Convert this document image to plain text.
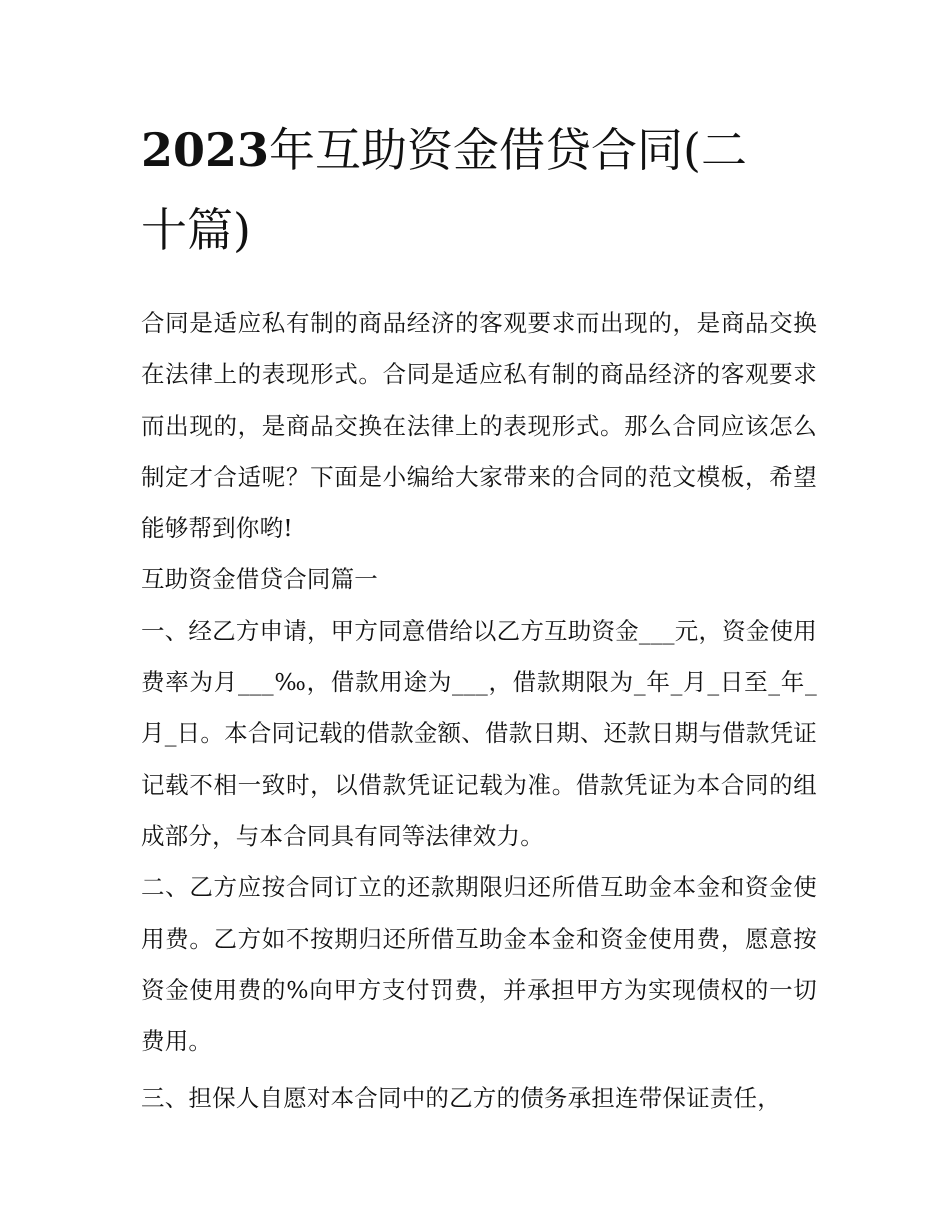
2023年互助资金借贷合同(二十篇)

合同是适应私有制的商品经济的客观要求而出现的，是商品交换在法律上的表现形式。合同是适应私有制的商品经济的客观要求而出现的，是商品交换在法律上的表现形式。那么合同应该怎么制定才合适呢？下面是小编给大家带来的合同的范文模板，希望能够帮到你哟!

互助资金借贷合同篇一

一、经乙方申请，甲方同意借给以乙方互助资金___元，资金使用费率为月___‰，借款用途为___，借款期限为_年_月_日至_年_月_日。本合同记载的借款金额、借款日期、还款日期与借款凭证记载不相一致时，以借款凭证记载为准。借款凭证为本合同的组成部分，与本合同具有同等法律效力。

二、乙方应按合同订立的还款期限归还所借互助金本金和资金使用费。乙方如不按期归还所借互助金本金和资金使用费，愿意按资金使用费的%向甲方支付罚费，并承担甲方为实现债权的一切费用。

三、担保人自愿对本合同中的乙方的债务承担连带保证责任，
